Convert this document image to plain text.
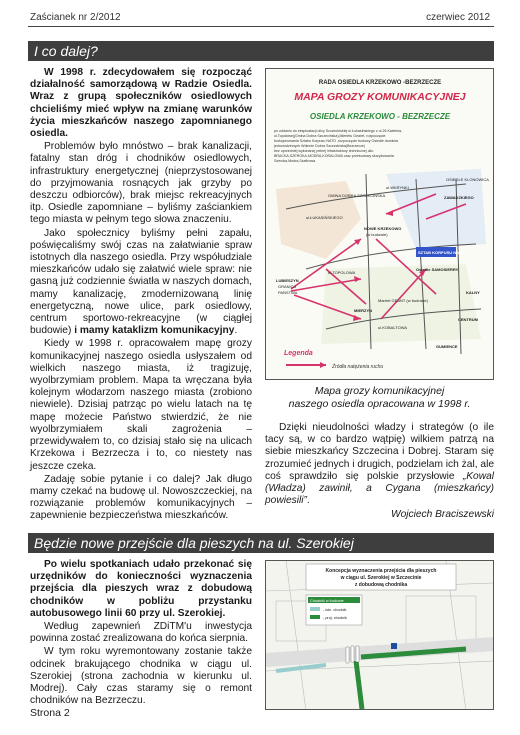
Zaścianek nr 2/2012	czerwiec 2012
I co dalej?

W 1998 r. zdecydowałem się rozpocząć działalność samorządową w Radzie Osiedla. Wraz z grupą społeczników osiedlowych chcieliśmy mieć wpływ na zmianę warunków życia mieszkańców naszego zapomnianego osiedla.

Problemów było mnóstwo – brak kanalizacji, fatalny stan dróg i chodników osiedlowych, infrastruktury energetycznej (nieprzystosowanej do przyjmowania rosnących jak grzyby po deszczu odbiorców), brak miejsc rekreacyjnych itp. Osiedle zapomniane – byliśmy zaściankiem tego miasta w pełnym tego słowa znaczeniu.

Jako społecznicy byliśmy pełni zapału, poświęcaliśmy swój czas na załatwianie spraw istotnych dla naszego osiedla. Przy współudziale mieszkańców udało się załatwić wiele spraw: nie gasną już codziennie światła w naszych domach, mamy kanalizację, zmodernizowaną linię energetyczną, nowe ulice, park osiedlowy, centrum sportowo-rekreacyjne (w ciągłej budowie) i mamy kataklizm komunikacyjny.

Kiedy w 1998 r. opracowałem mapę grozy komunikacyjnej naszego osiedla usłyszałem od wielkich naszego miasta, iż tragizuję, wyolbrzymiam problem. Mapa ta wręczana była kolejnym włodarzom naszego miasta (zrobiono niewiele). Dzisiaj patrząc po wielu latach na tę mapę możecie Państwo stwierdzić, że nie wyolbrzymiałem skali zagrożenia – przewidywałem to, co dzisiaj stało się na ulicach Krzekowa i Bezrzecza i to, co niestety nas jeszcze czeka.

Zadaję sobie pytanie i co dalej? Jak długo mamy czekać na budowę ul. Nowoszczeckiej, na rozwiązanie problemów komunikacyjnych – zapewnienie bezpieczeństwa mieszkańców.

RADA OSIEDLA KRZEKOWO -BEZRZECZE
MAPA GROZY KOMUNIKACYJNEJ
OSIEDLA KRZEKOWO - BEZRZECZE
po oddaniu do eksploatacji ulicy Szczecińskiej ul.Łukasińskiego z ul.26 Kwietnia,
ul.Topolowej(Gmina Dobra Szczecińska),Mierietu Gearet, rozpoczęcie
funkcjonowania Sztabu Korpusu NATO ,rozpoczęcie budowy Osiedle domków
jednorodzinnych Wółnnie Dobra Szczecińska(Bezrzecze)
bez uprzedniej wykonanej pełnej infrastruktury technicznej ulic:
BRACKA,SZEROKA,MODRA,KORALOWA oraz przebudowy skrzyżowania
Szeroka,Modra,Szafirowa
GMINA DOBRA SZCZECIŃSKA
NOWE KRZEKOWO
(w budowie)
LUBIESZYN
GRANICA
PAŃSTWA
SZTAB KORPUSU NATO
Osiedle SAMOSIERRY
MIERZYN
Marriet GEANT (w budowie)
KALNY
CENTRUM
GUMIENCE
ZAWADZKIEGO
OSIEDLE KLONOWICA
ul.ŁUKASIŃSKIEGO
ul.WKRYNKI
ul.TOPOLOWA
ul.KOBALTOWA
Legenda
Źródła natężenia ruchu
Mapa grozy komunikacyjnej
naszego osiedla opracowana w 1998 r.

Dzięki nieudolności władzy i strategów (o ile tacy są, w co bardzo wątpię) wilkiem patrzą na siebie mieszkańcy Szczecina i Dobrej. Staram się zrozumieć jednych i drugich, podzielam ich żal, ale coś sprawdziło się polskie przysłowie „Kowal (Władza) zawinił, a Cygana (mieszkańcy) powiesili”.

Wojciech Braciszewski
Będzie nowe przejście dla pieszych na ul. Szerokiej

Po wielu spotkaniach udało przekonać się urzędników do konieczności wyznaczenia przejścia dla pieszych wraz z dobudową chodników w pobliżu przystanku autobusowego linii 60 przy ul. Szerokiej.

Według zapewnień ZDiTM'u inwestycja powinna zostać zrealizowana do końca sierpnia.

W tym roku wyremontowany zostanie także odcinek brakującego chodnika w ciągu ul. Szerokiej (strona zachodnia w kierunku ul. Modrej). Cały czas staramy się o remont chodników na Bezrzeczu.

Koncepcja wyznaczenia przejścia dla pieszych
w ciągu ul. Szerokiej w Szczecinie
z dobudową chodnika
Chodniki w budowie
- istn. chodnik
- proj. chodnik
Strona 2
